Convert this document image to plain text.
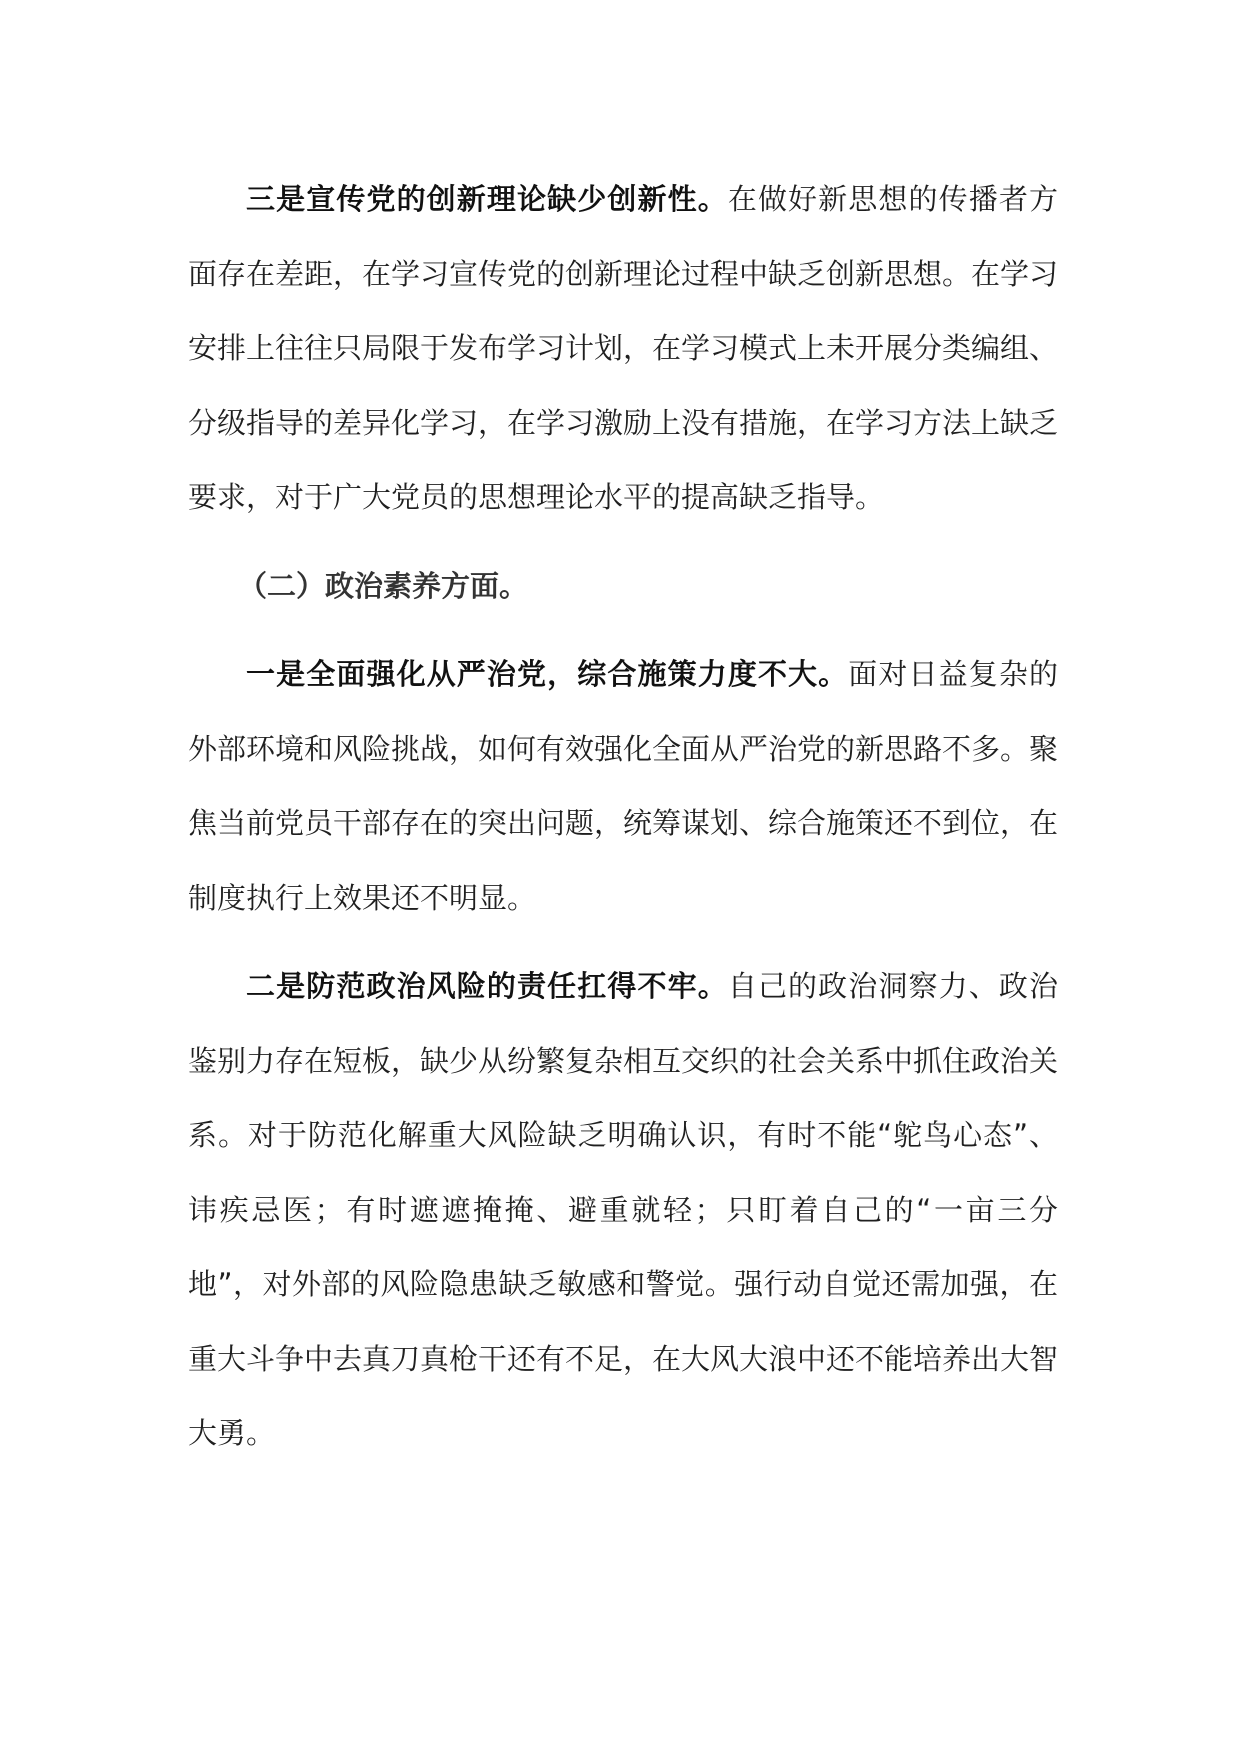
三是宣传党的创新理论缺少创新性。在做好新思想的传播者方面存在差距，在学习宣传党的创新理论过程中缺乏创新思想。在学习安排上往往只局限于发布学习计划，在学习模式上未开展分类编组、分级指导的差异化学习，在学习激励上没有措施，在学习方法上缺乏要求，对于广大党员的思想理论水平的提高缺乏指导。

（二）政治素养方面。

一是全面强化从严治党，综合施策力度不大。面对日益复杂的外部环境和风险挑战，如何有效强化全面从严治党的新思路不多。聚焦当前党员干部存在的突出问题，统筹谋划、综合施策还不到位，在制度执行上效果还不明显。

二是防范政治风险的责任扛得不牢。自己的政治洞察力、政治鉴别力存在短板，缺少从纷繁复杂相互交织的社会关系中抓住政治关系。对于防范化解重大风险缺乏明确认识，有时不能“鸵鸟心态”、讳疾忌医；有时遮遮掩掩、避重就轻；只盯着自己的“一亩三分地”，对外部的风险隐患缺乏敏感和警觉。强行动自觉还需加强，在重大斗争中去真刀真枪干还有不足，在大风大浪中还不能培养出大智大勇。
